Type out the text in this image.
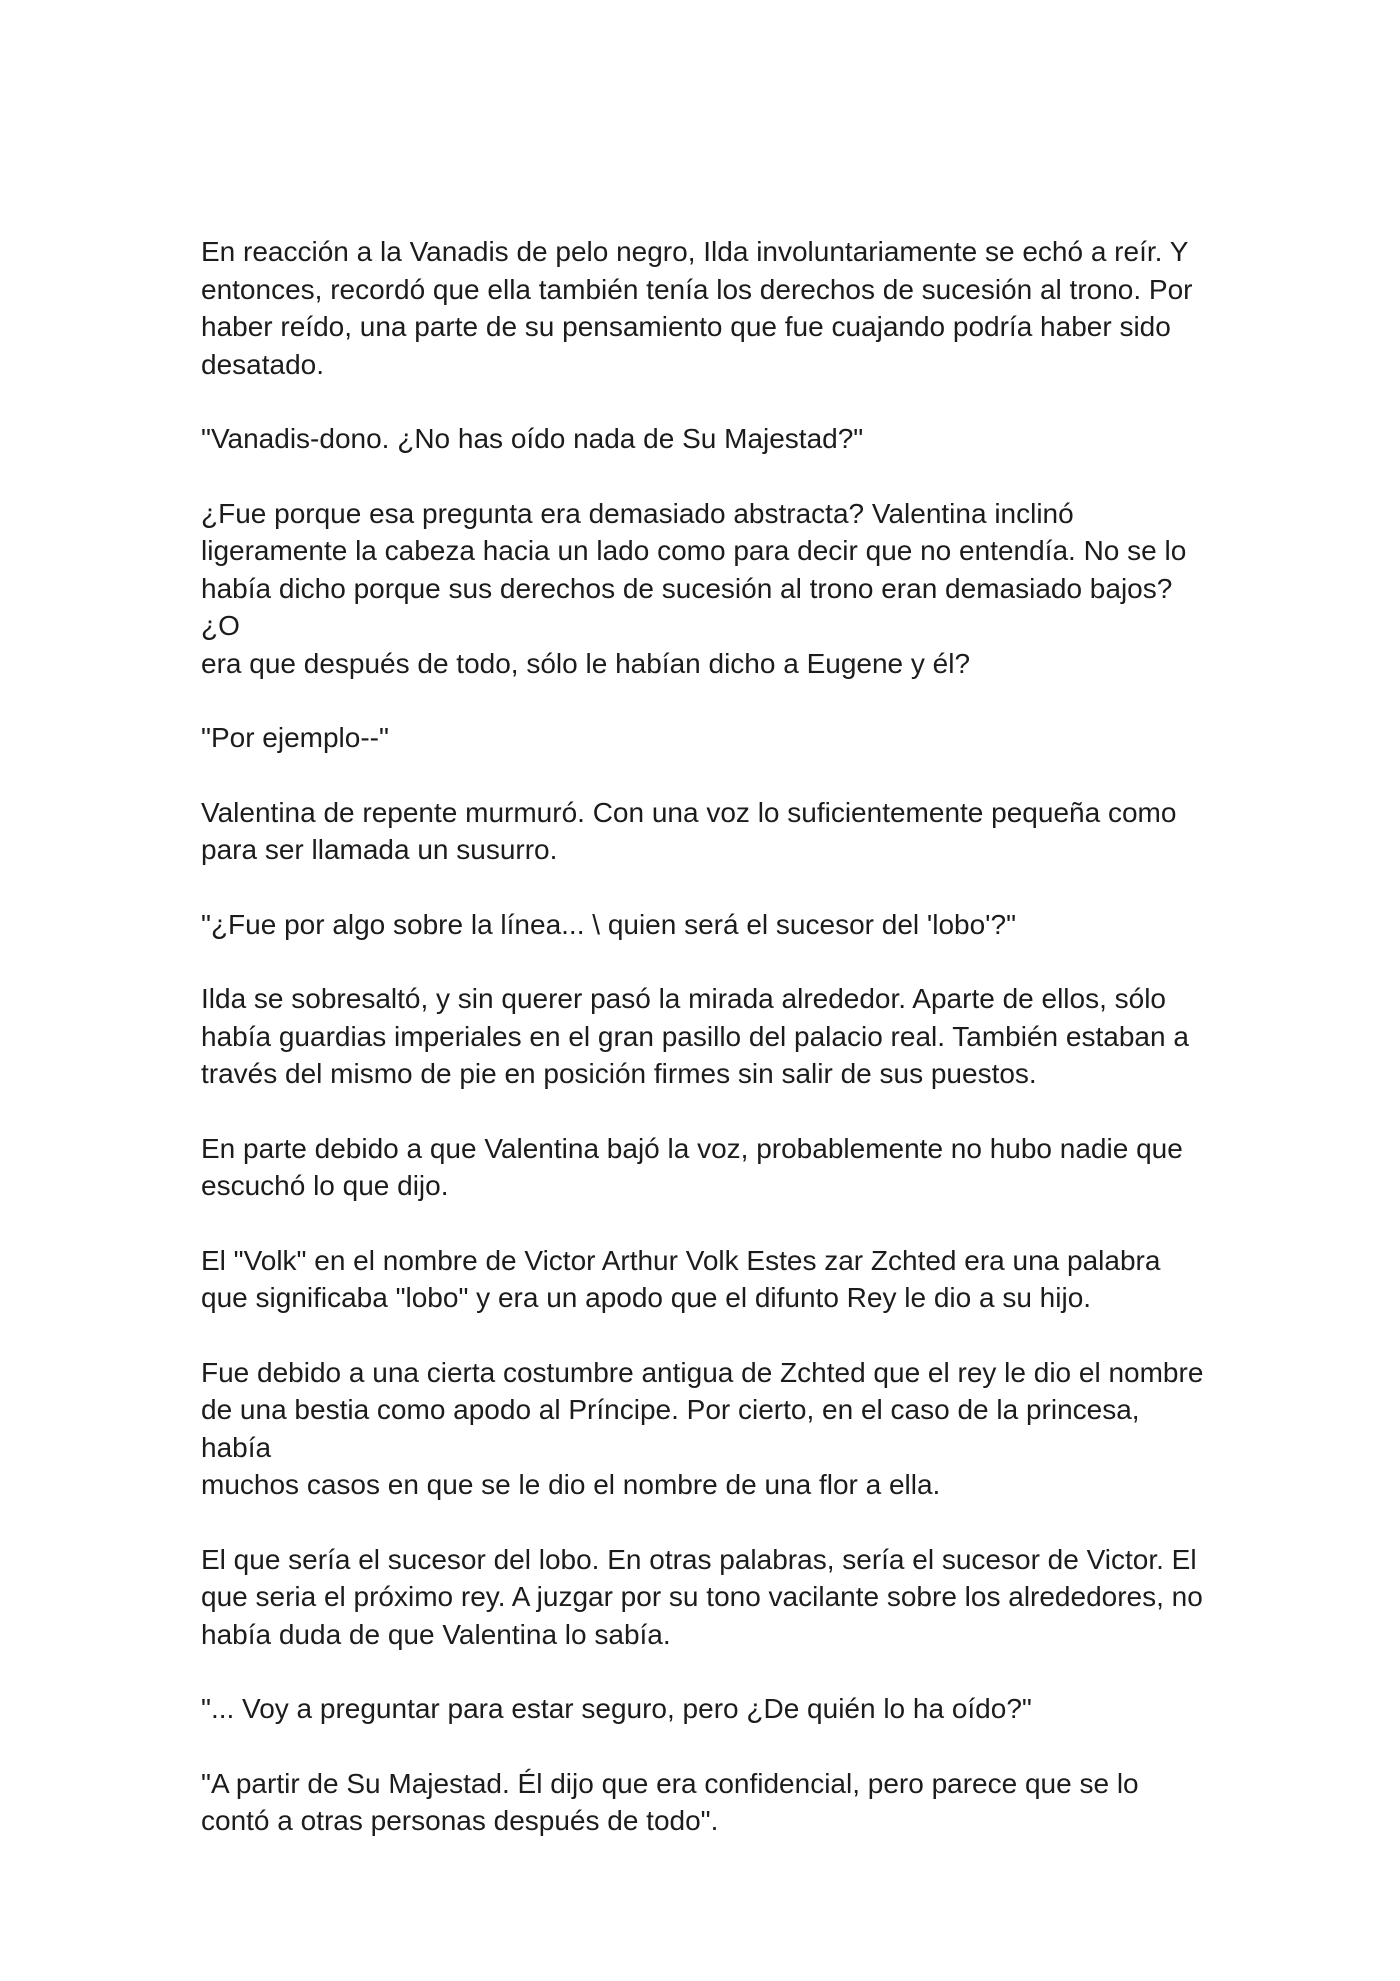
En reacción a la Vanadis de pelo negro, Ilda involuntariamente se echó a reír. Y
entonces, recordó que ella también tenía los derechos de sucesión al trono. Por
haber reído, una parte de su pensamiento que fue cuajando podría haber sido
desatado.

"Vanadis-dono. ¿No has oído nada de Su Majestad?"

¿Fue porque esa pregunta era demasiado abstracta? Valentina inclinó
ligeramente la cabeza hacia un lado como para decir que no entendía. No se lo
había dicho porque sus derechos de sucesión al trono eran demasiado bajos? ¿O
era que después de todo, sólo le habían dicho a Eugene y él?

"Por ejemplo--"

Valentina de repente murmuró. Con una voz lo suficientemente pequeña como
para ser llamada un susurro.

"¿Fue por algo sobre la línea... \ quien será el sucesor del 'lobo'?"

Ilda se sobresaltó, y sin querer pasó la mirada alrededor. Aparte de ellos, sólo
había guardias imperiales en el gran pasillo del palacio real. También estaban a
través del mismo de pie en posición firmes sin salir de sus puestos.

En parte debido a que Valentina bajó la voz, probablemente no hubo nadie que
escuchó lo que dijo.

El "Volk" en el nombre de Victor Arthur Volk Estes zar Zchted era una palabra
que significaba "lobo" y era un apodo que el difunto Rey le dio a su hijo.

Fue debido a una cierta costumbre antigua de Zchted que el rey le dio el nombre
de una bestia como apodo al Príncipe. Por cierto, en el caso de la princesa, había
muchos casos en que se le dio el nombre de una flor a ella.

El que sería el sucesor del lobo. En otras palabras, sería el sucesor de Victor. El
que seria el próximo rey. A juzgar por su tono vacilante sobre los alrededores, no
había duda de que Valentina lo sabía.

"... Voy a preguntar para estar seguro, pero ¿De quién lo ha oído?"

"A partir de Su Majestad. Él dijo que era confidencial, pero parece que se lo
contó a otras personas después de todo".
